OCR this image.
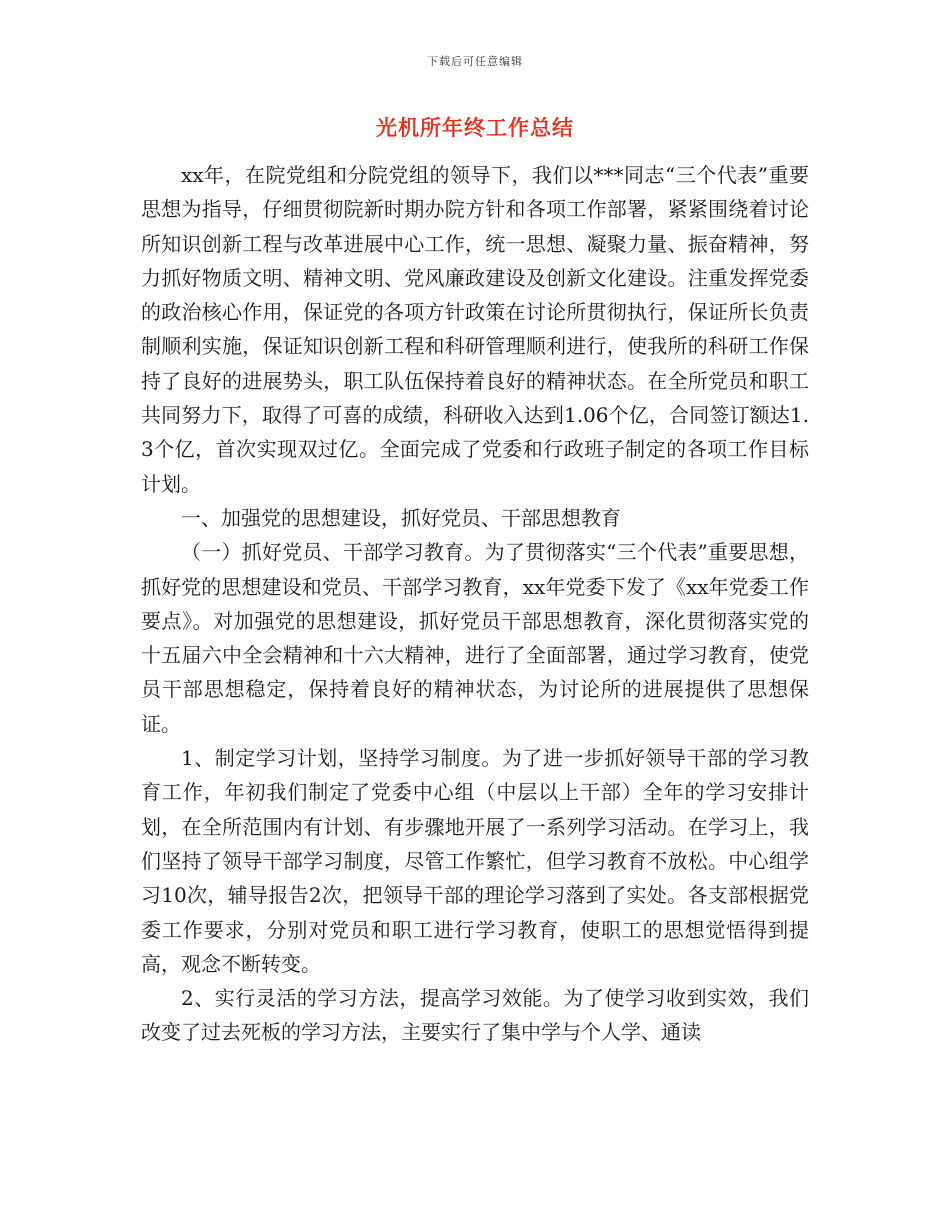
下载后可任意编辑
光机所年终工作总结

xx年，在院党组和分院党组的领导下，我们以***同志“三个代表”重要思想为指导，仔细贯彻院新时期办院方针和各项工作部署，紧紧围绕着讨论所知识创新工程与改革进展中心工作，统一思想、凝聚力量、振奋精神，努力抓好物质文明、精神文明、党风廉政建设及创新文化建设。注重发挥党委的政治核心作用，保证党的各项方针政策在讨论所贯彻执行，保证所长负责制顺利实施，保证知识创新工程和科研管理顺利进行，使我所的科研工作保持了良好的进展势头，职工队伍保持着良好的精神状态。在全所党员和职工共同努力下，取得了可喜的成绩，科研收入达到1.06个亿，合同签订额达1.3个亿，首次实现双过亿。全面完成了党委和行政班子制定的各项工作目标计划。

一、加强党的思想建设，抓好党员、干部思想教育

（一）抓好党员、干部学习教育。为了贯彻落实“三个代表”重要思想，抓好党的思想建设和党员、干部学习教育，xx年党委下发了《xx年党委工作要点》。对加强党的思想建设，抓好党员干部思想教育，深化贯彻落实党的十五届六中全会精神和十六大精神，进行了全面部署，通过学习教育，使党员干部思想稳定，保持着良好的精神状态，为讨论所的进展提供了思想保证。

1、制定学习计划，坚持学习制度。为了进一步抓好领导干部的学习教育工作，年初我们制定了党委中心组（中层以上干部）全年的学习安排计划，在全所范围内有计划、有步骤地开展了一系列学习活动。在学习上，我们坚持了领导干部学习制度，尽管工作繁忙，但学习教育不放松。中心组学习10次，辅导报告2次，把领导干部的理论学习落到了实处。各支部根据党委工作要求，分别对党员和职工进行学习教育，使职工的思想觉悟得到提高，观念不断转变。

2、实行灵活的学习方法，提高学习效能。为了使学习收到实效，我们改变了过去死板的学习方法，主要实行了集中学与个人学、通读
